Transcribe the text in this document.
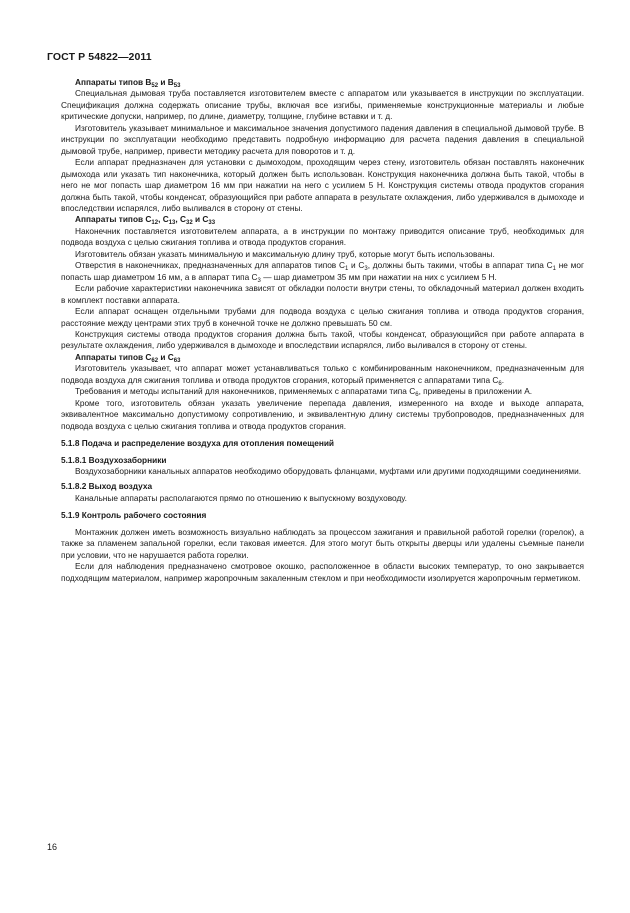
ГОСТ Р 54822—2011

Аппараты типов $B_{52}$ и $B_{53}$

Специальная дымовая труба поставляется изготовителем вместе с аппаратом или указывается в инструкции по эксплуатации. Спецификация должна содержать описание трубы, включая все изгибы, применяемые конструкционные материалы и любые критические допуски, например, по длине, диаметру, толщине, глубине вставки и т. д.

Изготовитель указывает минимальное и максимальное значения допустимого падения давления в специальной дымовой трубе. В инструкции по эксплуатации необходимо представить подробную информацию для расчета падения давления в специальной дымовой трубе, например, привести методику расчета для поворотов и т. д.

Если аппарат предназначен для установки с дымоходом, проходящим через стену, изготовитель обязан поставлять наконечник дымохода или указать тип наконечника, который должен быть использован. Конструкция наконечника должна быть такой, чтобы в него не мог попасть шар диаметром 16 мм при нажатии на него с усилием 5 Н. Конструкция системы отвода продуктов сгорания должна быть такой, чтобы конденсат, образующийся при работе аппарата в результате охлаждения, либо удерживался в дымоходе и впоследствии испарялся, либо выливался в сторону от стены.

Аппараты типов $C_{12}$, $C_{13}$, $C_{32}$ и $C_{33}$

Наконечник поставляется изготовителем аппарата, а в инструкции по монтажу приводится описание труб, необходимых для подвода воздуха с целью сжигания топлива и отвода продуктов сгорания.

Изготовитель обязан указать минимальную и максимальную длину труб, которые могут быть использованы.

Отверстия в наконечниках, предназначенных для аппаратов типов $C_1$ и $C_3$, должны быть такими, чтобы в аппарат типа $C_1$ не мог попасть шар диаметром 16 мм, а в аппарат типа $C_3$ — шар диаметром 35 мм при нажатии на них с усилием 5 Н.

Если рабочие характеристики наконечника зависят от обкладки полости внутри стены, то обкладочный материал должен входить в комплект поставки аппарата.

Если аппарат оснащен отдельными трубами для подвода воздуха с целью сжигания топлива и отвода продуктов сгорания, расстояние между центрами этих труб в конечной точке не должно превышать 50 см.

Конструкция системы отвода продуктов сгорания должна быть такой, чтобы конденсат, образующийся при работе аппарата в результате охлаждения, либо удерживался в дымоходе и впоследствии испарялся, либо выливался в сторону от стены.

Аппараты типов $C_{62}$ и $C_{63}$

Изготовитель указывает, что аппарат может устанавливаться только с комбинированным наконечником, предназначенным для подвода воздуха для сжигания топлива и отвода продуктов сгорания, который применяется с аппаратами типа $C_6$.

Требования и методы испытаний для наконечников, применяемых с аппаратами типа $C_6$, приведены в приложении А.

Кроме того, изготовитель обязан указать увеличение перепада давления, измеренного на входе и выходе аппарата, эквивалентное максимально допустимому сопротивлению, и эквивалентную длину системы трубопроводов, предназначенных для подвода воздуха с целью сжигания топлива и отвода продуктов сгорания.

5.1.8 Подача и распределение воздуха для отопления помещений

5.1.8.1 Воздухозаборники

Воздухозаборники канальных аппаратов необходимо оборудовать фланцами, муфтами или другими подходящими соединениями.

5.1.8.2 Выход воздуха

Канальные аппараты располагаются прямо по отношению к выпускному воздуховоду.

5.1.9 Контроль рабочего состояния

Монтажник должен иметь возможность визуально наблюдать за процессом зажигания и правильной работой горелки (горелок), а также за пламенем запальной горелки, если таковая имеется. Для этого могут быть открыты дверцы или удалены съемные панели при условии, что не нарушается работа горелки.

Если для наблюдения предназначено смотровое окошко, расположенное в области высоких температур, то оно закрывается подходящим материалом, например жаропрочным закаленным стеклом и при необходимости изолируется жаропрочным герметиком.

16
